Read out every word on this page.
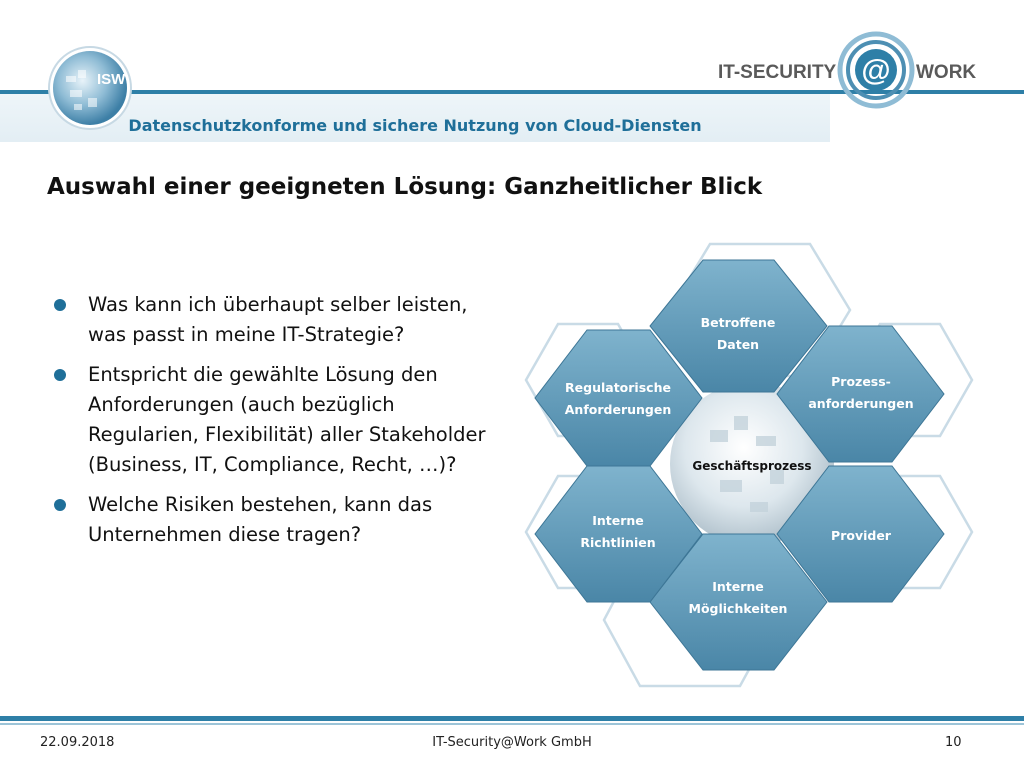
Datenschutzkonforme und sichere Nutzung von Cloud-Diensten
ISW	IT-SECURITY @ WORK
Auswahl einer geeigneten Lösung: Ganzheitlicher Blick
Was kann ich überhaupt selber leisten, was passt in meine IT-Strategie?
Entspricht die gewählte Lösung den Anforderungen (auch bezüglich Regularien, Flexibilität) aller Stakeholder (Business, IT, Compliance, Recht, …)?
Welche Risiken bestehen, kann das Unternehmen diese tragen?
Geschäftsprozess
Betroffene
Daten
Prozess-
anforderungen
Provider
Interne
Möglichkeiten
Interne
Richtlinien
Regulatorische
Anforderungen
IT-Security@Work GmbH
22.09.2018	10
